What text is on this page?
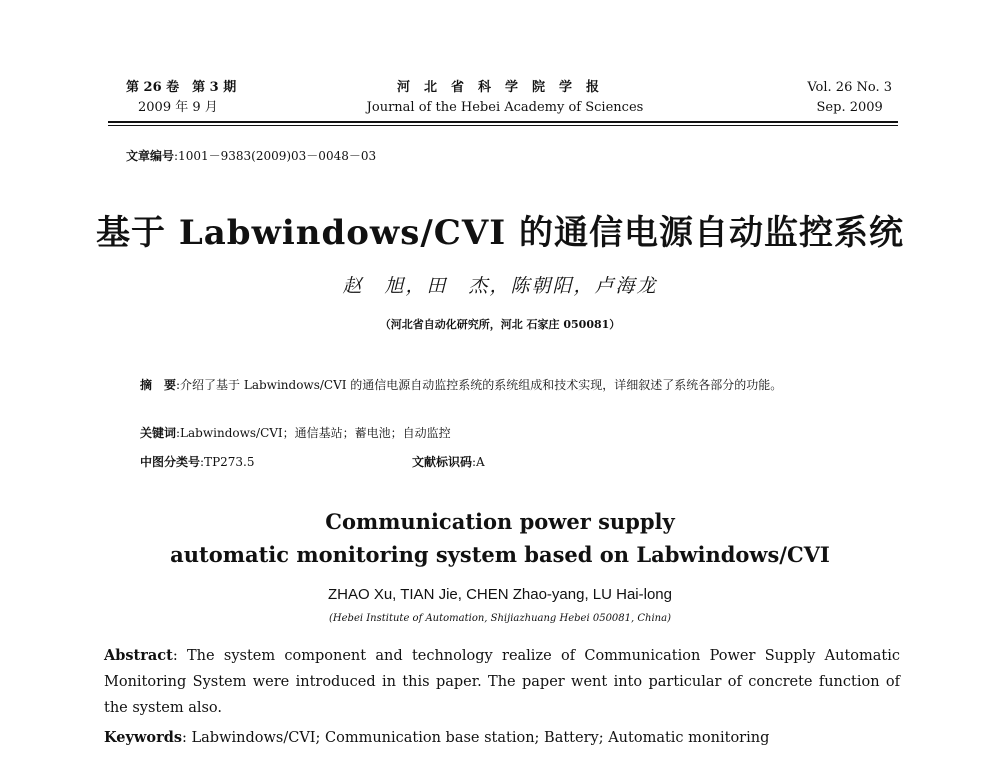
第 26 卷　第 3 期
2009 年 9 月
河北省科学院学报
Journal of the Hebei Academy of Sciences
Vol. 26 No. 3
Sep. 2009
文章编号:1001－9383(2009)03－0048－03
基于 Labwindows/CVI 的通信电源自动监控系统
赵　旭，田　杰，陈朝阳，卢海龙
（河北省自动化研究所，河北 石家庄 050081）
摘　要:介绍了基于 Labwindows/CVI 的通信电源自动监控系统的系统组成和技术实现，详细叙述了系统各部分的功能。
关键词:Labwindows/CVI；通信基站；蓄电池；自动监控
中图分类号:TP273.5	文献标识码:A
Communication power supply
automatic monitoring system based on Labwindows/CVI
ZHAO Xu, TIAN Jie, CHEN Zhao-yang, LU Hai-long
(Hebei Institute of Automation, Shijiazhuang Hebei 050081, China)
Abstract: The system component and technology realize of Communication Power Supply Automatic Monitoring System were introduced in this paper. The paper went into particular of concrete function of the system also.
Keywords: Labwindows/CVI; Communication base station; Battery; Automatic monitoring
